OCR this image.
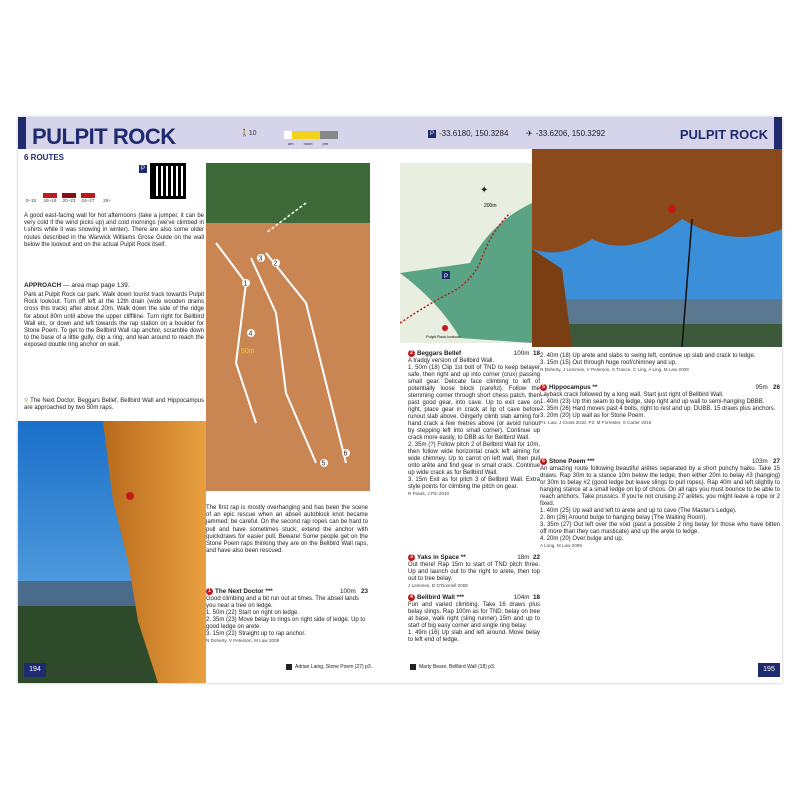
PULPIT ROCK	P -33.6180, 150.3284 ✈ -33.6206, 150.3292	PULPIT ROCK
6 ROUTES
🚶10
am	noon	pm
0–15	16–19 20–23 24–27	28+
P
A good east-facing wall for hot afternoons (take a jumper, it can be very cold if the wind picks up) and cold mornings (we've climbed in t-shirts while it was snowing in winter). There are also some older routes described in the Warwick Williams Grose Guide on the wall below the lookout and on the actual Pulpit Rock itself.
APPROACH — area map page 139.
Park at Pulpit Rock car park. Walk down tourist track towards Pulpit Rock lookout. Turn off left at the 12th drain (wide wooden drains cross this track) after about 20m. Walk down the side of the ridge for about 80m until above the upper clifflline. Turn right for Bellbird Wall etc, or down and left towards the rap station on a boulder for Stone Poem. To get to the Bellbird Wall rap anchor, scramble down to the base of a little gully, clip a ring, and lean around to reach the exposed double ring anchor on wall.
⚲ The Next Doctor, Beggars Bellef, Bellbird Wall and Hippocampus are approached by two 50m raps.
194
1
2
3
4
5
6
50m
The first rap is mostly overhanging and has been the scene of an epic rescue when an abseil autoblock knot became jammed; be careful. On the second rap ropes can be hard to pull and have sometimes stuck; extend the anchor with quickdraws for easier pull. Beware! Some people get on the Stone Poem raps thinking they are on the Bellbird Wall raps, and have also been rescued.
1 The Next Doctor ***	100m 23
Good climbing and a bit run out at times. The abseil lands you near a tree on ledge.
1. 50m (22) Start on right on ledge.
2. 35m (23) Move belay to rings on right side of ledge. Up to good ledge on arete.
3. 15m (22) Straight up to rap anchor.
N Doherty, V Peterson, M Law 2009
Adrian Laing, Stone Poem (27) p3.
P
✦
200m
Pulpit Rock lookout
2 Beggars Bellef	100m 18
A tradqy version of Bellbird Wall.
1. 50m (18) Clip 1st bolt of TND to keep belayer safe, then right and up into corner (crux) passing small gear. Delicate face climbing to left of potentially loose block (careful). Follow the stemming corner through short chess patch, then past good gear, into cave. Up to exit cave on right, place gear in crack at lip of cave before runout slab above. Gingerly climb slab aiming for hand crack a few metres above (or avoid runout by stepping left into small corner). Continue up crack more easily, to DBB as for Bellbird Wall.
2. 35m (?) Follow pitch 2 of Bellbird Wall for 10m, then follow wide horizontal crack left aiming for wide chimney. Up to carrot on left wall, then pull onto arête and find gear in small crack. Continue up wide crack as for Bellbird Wall.
3. 15m Exit as for pitch 3 of Bellbird Wall. Extra style points for climbing the pitch on gear.
R Powis, J Pin 2010
3 Yaks in Space **	18m 22
Out there! Rap 15m to start of TND pitch three. Up and launch out to the right to arete, then top out to tree belay.
J Lemmes, D O'Donnell 2009
4 Bellbird Wall ***	104m 18
Fun and varied climbing. Take 16 draws plus belay slings. Rap 100m as for TND, belay on tree at base, walk right (sling runner) 15m and up to start of big easy corner and single ring belay.
1. 49m (16) Up slab and left around. Move belay to left end of ledge.
Marty Beare, Bellbird Wall (18) p3.
2. 40m (18) Up arete and slabs to swing left, continue up slab and crack to ledge.
3. 15m (15) Out through huge roof/chimney and up.
N Doherty, J Lemmes, V Peterson, S Trance, C Ling, A Ling, M Law 2009
5 Hippocampus **	95m 26
Layback crack followed by a long wall. Start just right of Bellbird Wall.
1. 40m (23) Up thin seam to big ledge, step right and up wall to semi-hanging DBBB.
2. 35m (26) Hard moves past 4 bolts, right to rest and up. DUBB. 15 draws plus anchors.
3. 20m (20) Up wall as for Stone Poem.
P1: Law, J Cross 2010, P2: M Forrester, S Carter 2015
6 Stone Poem ***	103m 27
An amazing route following beautiful arêtes separated by a short punchy haiku. Take 15 draws. Rap 30m to a stance 10m below the ledge, then either 20m to belay #3 (hanging) or 30m to belay #2 (good ledge but leave slings to pull ropes). Rap 40m and left slightly to hanging stance at a small ledge on lip of chcos. On all raps you must bounce to be able to reach anchors. Take prussics. If you're not cruising 27 arêtes, you might leave a rope or 2 fixed.
1. 40m (25) Up wall and left to arete and up to cave (The Master's Ledge).
2. 8m (26) Around bulge to hanging belay (The Waiting Room).
3. 35m (27) Out left over the void (past a possible 2 ring belay for those who have bitten off more than they can masticate) and up the arete to ledge.
4. 20m (20) Over bulge and up.
A Long, M Law 2008
195
